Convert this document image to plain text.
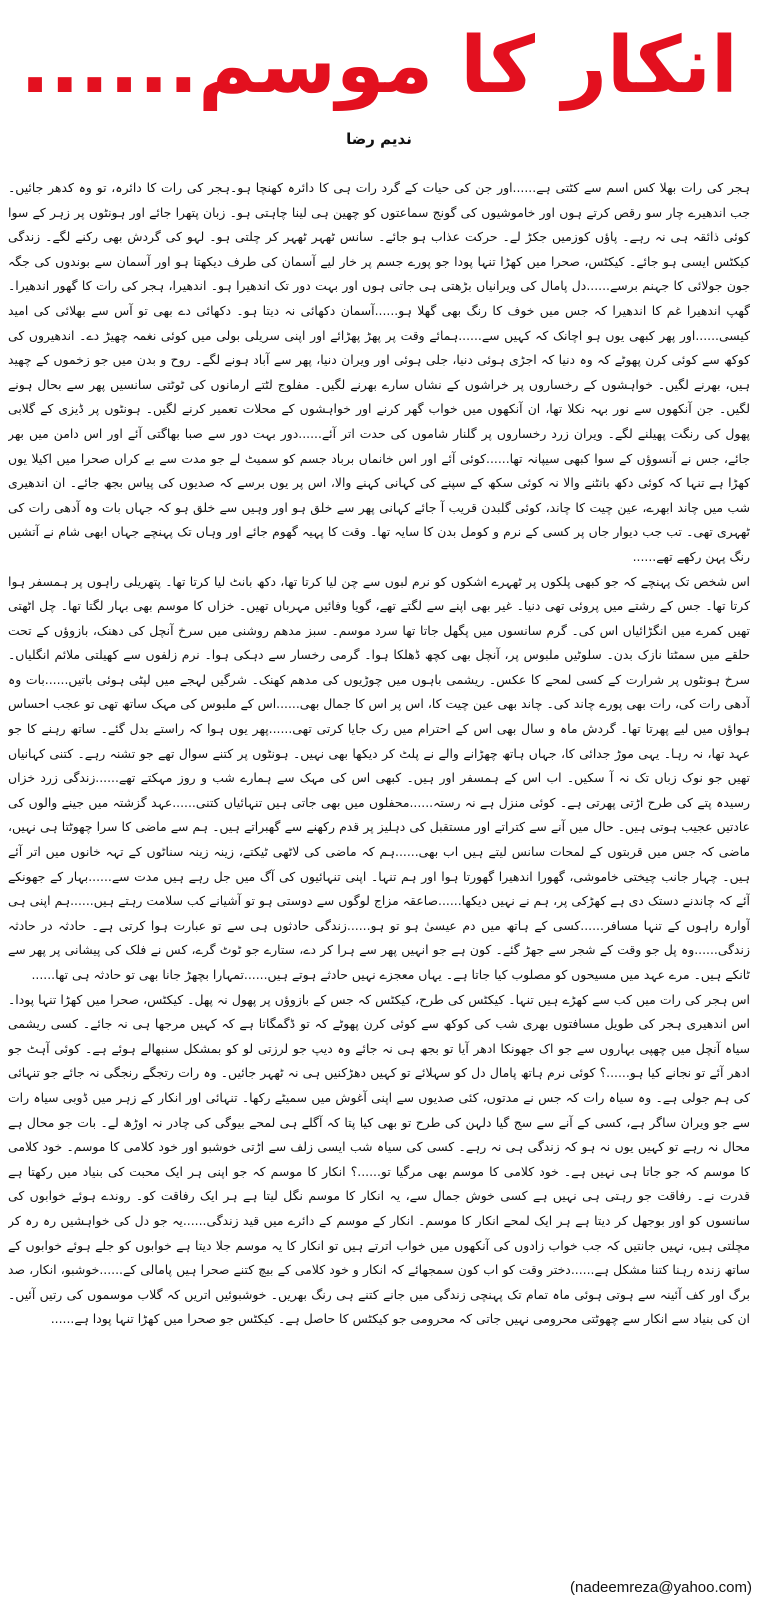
انکار کا موسم......
ندیم رضا

ہجر کی رات بھلا کس اسم سے کٹتی ہے......اور جن کی حیات کے گرد رات ہی کا دائرہ کھنچا ہو۔ہجر کی رات کا دائرہ، تو وہ کدھر جائیں۔ جب اندھیرے چار سو رقص کرتے ہوں اور خاموشیوں کی گونج سماعتوں کو چھین ہی لینا چاہتی ہو۔ زبان پتھرا جائے اور ہونٹوں پر زہر کے سوا کوئی ذائقہ ہی نہ رہے۔ پاؤں کوزمیں جکڑ لے۔ حرکت عذاب ہو جائے۔ سانس ٹھہر ٹھہر کر چلتی ہو۔ لہو کی گردش بھی رکنے لگے۔ زندگی کیکٹس ایسی ہو جائے۔ کیکٹس، صحرا میں کھڑا تنہا پودا جو پورے جسم پر خار لیے آسمان کی طرف دیکھتا ہو اور آسمان سے بوندوں کی جگہ جون جولائی کا جہنم برسے......دل پامال کی ویرانیاں بڑھتی ہی جاتی ہوں اور بہت دور تک اندھیرا ہو۔ اندھیرا، ہجر کی رات کا گھور اندھیرا۔ گھپ اندھیرا غم کا اندھیرا کہ جس میں خوف کا رنگ بھی گھلا ہو......آسمان دکھائی نہ دیتا ہو۔ دکھائی دے بھی تو آس سے بھلائی کی امید کیسی......اور پھر کبھی یوں ہو اچانک کہ کہیں سے......ہمائے وقت پر پھڑ پھڑائے اور اپنی سریلی بولی میں کوئی نغمہ چھیڑ دے۔ اندھیروں کی کوکھ سے کوئی کرن پھوٹے کہ وہ دنیا کہ اجڑی ہوئی دنیا، جلی ہوئی اور ویران دنیا، پھر سے آباد ہونے لگے۔ روح و بدن میں جو زخموں کے چھید ہیں، بھرنے لگیں۔ خواہشوں کے رخساروں پر خراشوں کے نشاں سارے بھرنے لگیں۔ مفلوج لٹتے ارمانوں کی ٹوٹتی سانسیں پھر سے بحال ہونے لگیں۔ جن آنکھوں سے نور بہہ نکلا تھا، ان آنکھوں میں خواب گھر کرنے اور خواہشوں کے محلات تعمیر کرنے لگیں۔ ہونٹوں پر ڈیزی کے گلابی پھول کی رنگت پھیلنے لگے۔ ویران زرد رخساروں پر گلنار شاموں کی حدت اتر آئے......دور بہت دور سے صبا بھاگتی آئے اور اس دامن میں بھر جائے، جس نے آنسوؤں کے سوا کبھی سیپانہ تھا......کوئی آئے اور اس خانماں برباد جسم کو سمیٹ لے جو مدت سے بے کراں صحرا میں اکیلا یوں کھڑا ہے تنہا کہ کوئی دکھ بانٹنے والا نہ کوئی سکھ کے سپنے کی کہانی کہنے والا، اس پر یوں برسے کہ صدیوں کی پیاس بجھ جائے۔ ان اندھیری شب میں چاند ابھرے، عین چیت کا چاند، کوئی گلبدن قریب آ جائے کہانی پھر سے خلق ہو اور وہیں سے خلق ہو کہ جہاں بات وہ آدھی رات کی ٹھہری تھی۔ تب جب دیوار جاں پر کسی کے نرم و کومل بدن کا سایہ تھا۔ وقت کا پہیہ گھوم جائے اور وہاں تک پہنچے جہاں ابھی شام نے آتشیں رنگ پہن رکھے تھے......

اس شخص تک پہنچے کہ جو کبھی پلکوں پر ٹھہرے اشکوں کو نرم لبوں سے چن لیا کرتا تھا، دکھ بانٹ لیا کرتا تھا۔ پتھریلی راہوں پر ہمسفر ہوا کرتا تھا۔ جس کے رشتے میں پروئی تھی دنیا۔ غیر بھی اپنے سے لگتے تھے، گویا وفائیں مہرباں تھیں۔ خزاں کا موسم بھی بہار لگتا تھا۔ چل اٹھتی تھیں کمرے میں انگڑائیاں اس کی۔ گرم سانسوں میں پگھل جاتا تھا سرد موسم۔ سبز مدھم روشنی میں سرخ آنچل کی دھنک، بازوؤں کے تحت حلقے میں سمٹتا نازک بدن۔ سلوٹیں ملبوس پر، آنچل بھی کچھ ڈھلکا ہوا۔ گرمی رخسار سے دہکی ہوا۔ نرم زلفوں سے کھیلتی ملائم انگلیاں۔ سرخ ہونٹوں پر شرارت کے کسی لمحے کا عکس۔ ریشمی باہوں میں چوڑیوں کی مدھم کھنک۔ شرگیں لہجے میں لپٹی ہوئی باتیں......بات وہ آدھی رات کی، رات بھی پورے چاند کی۔ چاند بھی عین چیت کا، اس پر اس کا جمال بھی......اس کے ملبوس کی مہک ساتھ تھی تو عجب احساس ہواؤں میں لیے پھرتا تھا۔ گردش ماہ و سال بھی اس کے احترام میں رک جایا کرتی تھی......پھر یوں ہوا کہ راستے بدل گئے۔ ساتھ رہنے کا جو عہد تھا، نہ رہا۔ یہی موڑ جدائی کا، جہاں ہاتھ چھڑانے والے نے پلٹ کر دیکھا بھی نہیں۔ ہونٹوں پر کتنے سوال تھے جو تشنہ رہے۔ کتنی کہانیاں تھیں جو نوک زباں تک نہ آ سکیں۔ اب اس کے ہمسفر اور ہیں۔ کبھی اس کی مہک سے ہمارے شب و روز مہکتے تھے......زندگی زرد خزاں رسیدہ پتے کی طرح اڑتی پھرتی ہے۔ کوئی منزل ہے نہ رستہ......محفلوں میں بھی جاتی ہیں تنہائیاں کتنی......عہد گزشتہ میں جینے والوں کی عادتیں عجیب ہوتی ہیں۔ حال میں آنے سے کتراتے اور مستقبل کی دہلیز پر قدم رکھنے سے گھبراتے ہیں۔ ہم سے ماضی کا سرا چھوٹتا ہی نہیں، ماضی کہ جس میں قربتوں کے لمحات سانس لیتے ہیں اب بھی......ہم کہ ماضی کی لاٹھی ٹیکتے، زینہ زینہ سناٹوں کے تہہ خانوں میں اتر آئے ہیں۔ چہار جانب چیختی خاموشی، گھورا اندھیرا گھورتا ہوا اور ہم تنہا۔ اپنی تنہائیوں کی آگ میں جل رہے ہیں مدت سے......بہار کے جھونکے آئے کہ چاندنے دستک دی ہے کھڑکی پر، ہم نے نہیں دیکھا......صاعقہ مزاج لوگوں سے دوستی ہو تو آشیانے کب سلامت رہتے ہیں......ہم اپنی ہی آوارہ راہوں کے تنہا مسافر......کسی کے ہاتھ میں دم عیسیٰ ہو تو ہو......زندگی حادثوں ہی سے تو عبارت ہوا کرتی ہے۔ حادثہ در حادثہ زندگی......وہ پل جو وقت کے شجر سے جھڑ گئے۔ کون ہے جو انہیں پھر سے ہرا کر دے، ستارے جو ٹوٹ گرے، کس نے فلک کی پیشانی پر پھر سے ٹانکے ہیں۔ مرے عہد میں مسیحوں کو مصلوب کیا جاتا ہے۔ یہاں معجزے نہیں حادثے ہوتے ہیں......تمہارا بچھڑ جانا بھی تو حادثہ ہی تھا......

اس ہجر کی رات میں کب سے کھڑے ہیں تنہا۔ کیکٹس کی طرح، کیکٹس کہ جس کے بازوؤں پر پھول نہ پھل۔ کیکٹس، صحرا میں کھڑا تنہا پودا۔ اس اندھیری ہجر کی طویل مسافتوں بھری شب کی کوکھ سے کوئی کرن پھوٹے کہ تو ڈگمگاتا ہے کہ کہیں مرجھا ہی نہ جائے۔ کسی ریشمی سیاہ آنچل میں چھپی بہاروں سے جو اک جھونکا ادھر آیا تو بجھ ہی نہ جائے وہ دیپ جو لرزتی لو کو بمشکل سنبھالے ہوئے ہے۔ کوئی آہٹ جو ادھر آئے تو نجانے کیا ہو......؟ کوئی نرم ہاتھ پامال دل کو سہلائے تو کہیں دھڑکنیں ہی نہ ٹھہر جائیں۔ وہ رات رتجگے رنجگی نہ جائے جو تنہائی کی ہم جولی ہے۔ وہ سیاہ رات کہ جس نے مدتوں، کئی صدیوں سے اپنی آغوش میں سمیٹے رکھا۔ تنہائی اور انکار کے زہر میں ڈوبی سیاہ رات سے جو ویران ساگر ہے، کسی کے آنے سے سج گیا دلہن کی طرح تو بھی کیا پتا کہ آگلے ہی لمحے بیوگی کی چادر نہ اوڑھ لے۔ بات جو محال ہے محال نہ رہے تو کہیں یوں نہ ہو کہ زندگی ہی نہ رہے۔ کسی کی سیاہ شب ایسی زلف سے اڑتی خوشبو اور خود کلامی کا موسم۔ خود کلامی کا موسم کہ جو جاتا ہی نہیں ہے۔ خود کلامی کا موسم بھی مرگیا تو......؟ انکار کا موسم کہ جو اپنی ہر ایک محبت کی بنیاد میں رکھتا ہے قدرت نے۔ رفاقت جو رہتی ہی نہیں ہے کسی خوش جمال سے، یہ انکار کا موسم نگل لیتا ہے ہر ایک رفاقت کو۔ روندے ہوئے خوابوں کی سانسوں کو اور بوجھل کر دیتا ہے ہر ایک لمحے انکار کا موسم۔ انکار کے موسم کے دائرے میں قید زندگی......یہ جو دل کی خواہشیں رہ رہ کر مچلتی ہیں، نہیں جانتیں کہ جب خواب زادوں کی آنکھوں میں خواب اترتے ہیں تو انکار کا یہ موسم جلا دیتا ہے خوابوں کو جلے ہوئے خوابوں کے ساتھ زندہ رہنا کتنا مشکل ہے......دختر وقت کو اب کون سمجھائے کہ انکار و خود کلامی کے بیچ کتنے صحرا ہیں پامالی کے......خوشبو، انکار، صد برگ اور کف آئینہ سے ہوتی ہوئی ماہ تمام تک پہنچی زندگی میں جانے کتنے ہی رنگ بھریں۔ خوشبوئیں اتریں کہ گلاب موسموں کی رتیں آئیں۔ ان کی بنیاد سے انکار سے چھوٹتی محرومی نہیں جاتی کہ محرومی جو کیکٹس کا حاصل ہے۔ کیکٹس جو صحرا میں کھڑا تنہا پودا ہے......

(nadeemreza@yahoo.com)
